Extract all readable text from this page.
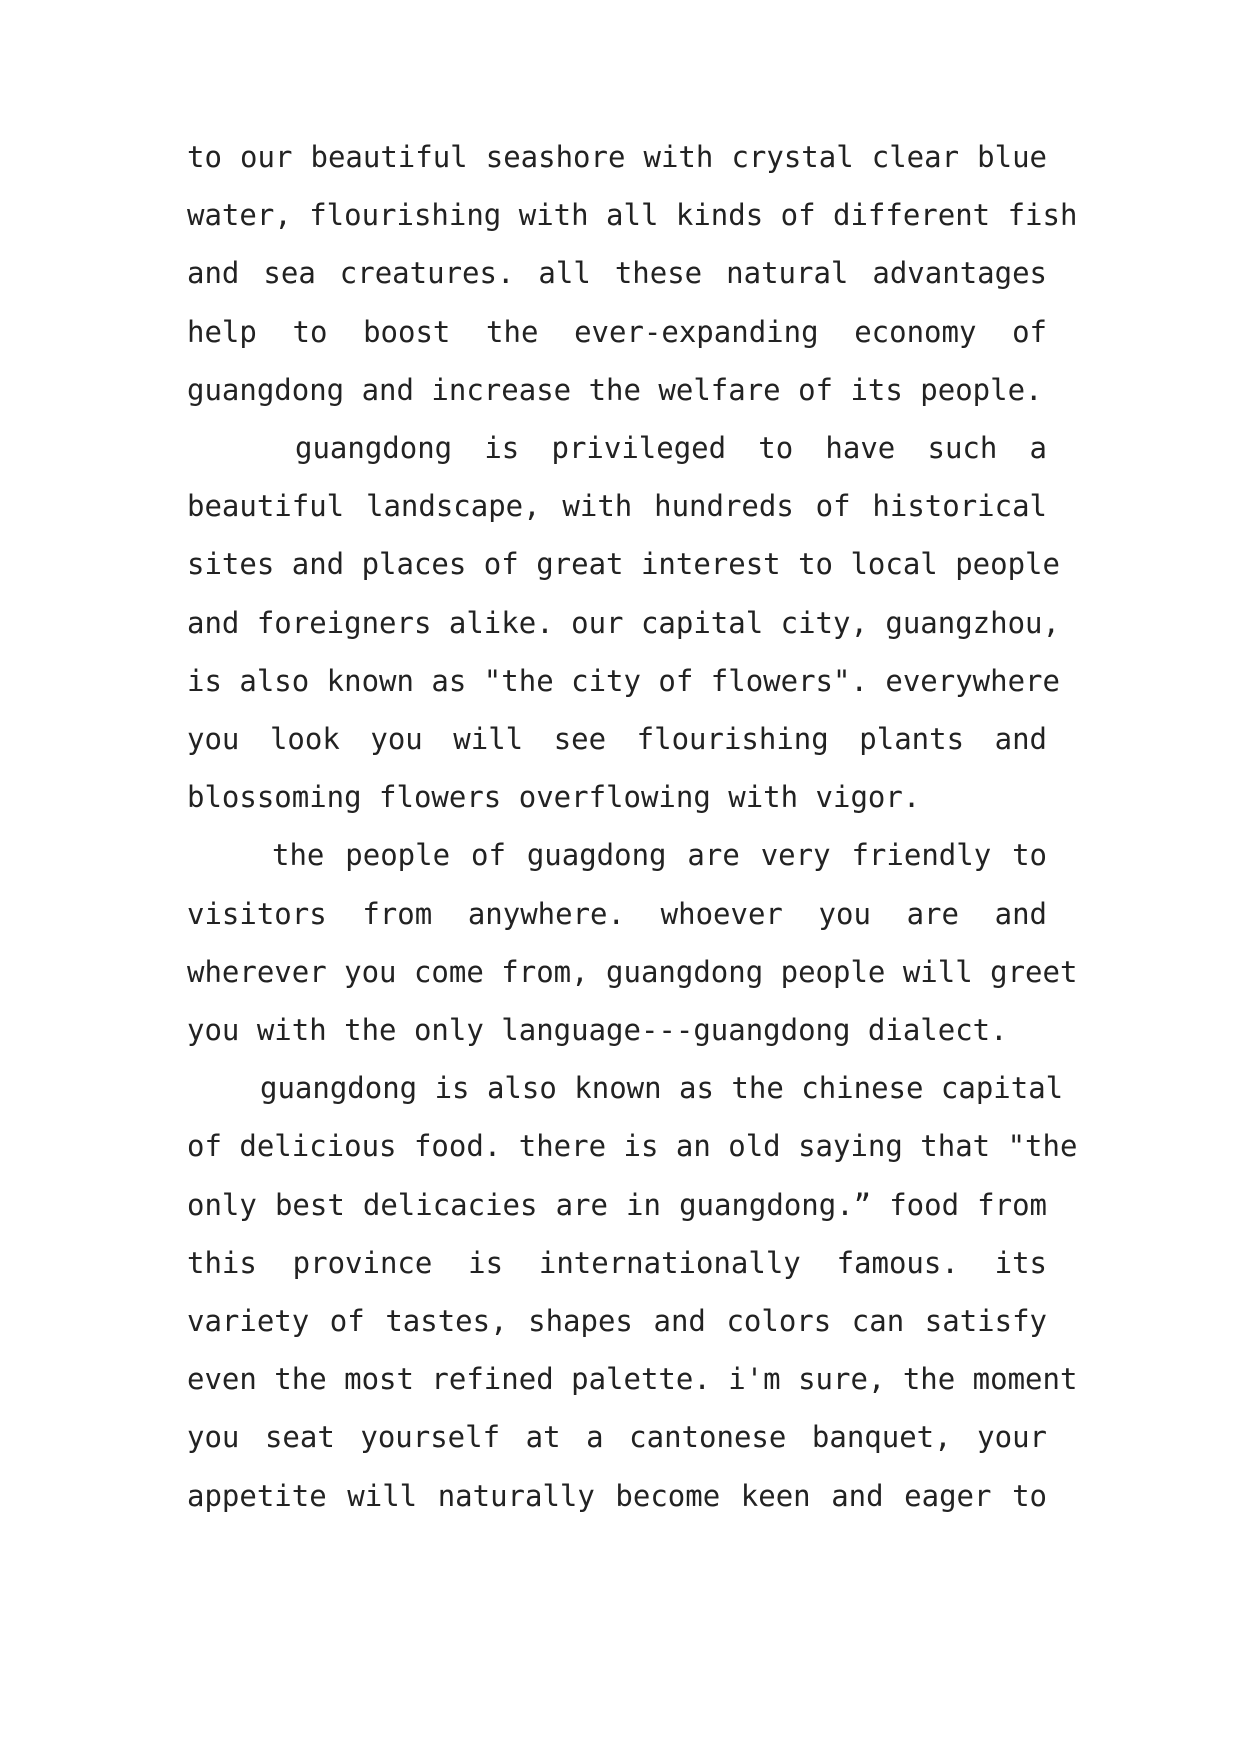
to our beautiful seashore with crystal clear blue
water, flourishing with all kinds of different fish
and sea creatures. all these natural advantages
help to boost the ever-expanding economy of
guangdong and increase the welfare of its people.
guangdong is privileged to have such a
beautiful landscape, with hundreds of historical
sites and places of great interest to local people
and foreigners alike. our capital city, guangzhou,
is also known as "the city of flowers". everywhere
you look you will see flourishing plants and
blossoming flowers overflowing with vigor.
the people of guagdong are very friendly to
visitors from anywhere. whoever you are and
wherever you come from, guangdong people will greet
you with the only language---guangdong dialect.
guangdong is also known as the chinese capital
of delicious food. there is an old saying that "the
only best delicacies are in guangdong.” food from
this province is internationally famous. its
variety of tastes, shapes and colors can satisfy
even the most refined palette. i'm sure, the moment
you seat yourself at a cantonese banquet, your
appetite will naturally become keen and eager to
